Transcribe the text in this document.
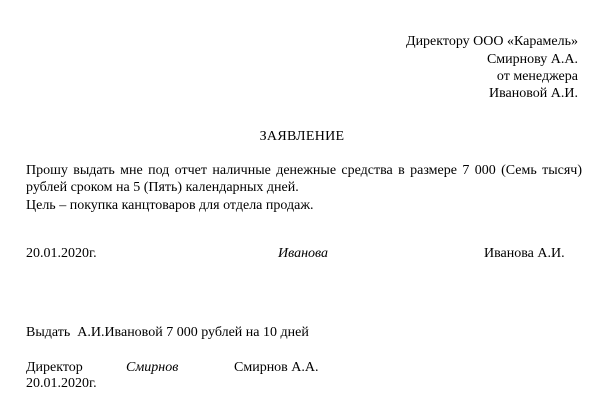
Директору ООО «Карамель»
Смирнову А.А.
от менеджера
Ивановой А.И.
ЗАЯВЛЕНИЕ
Прошу выдать мне под отчет наличные денежные средства в размере 7 000 (Семь тысяч)
рублей сроком на 5 (Пять) календарных дней.
Цель – покупка канцтоваров для отдела продаж.
20.01.2020г.	Иванова	Иванова А.И.
Выдать  А.И.Ивановой 7 000 рублей на 10 дней
Директор	Смирнов	Смирнов А.А.
20.01.2020г.
